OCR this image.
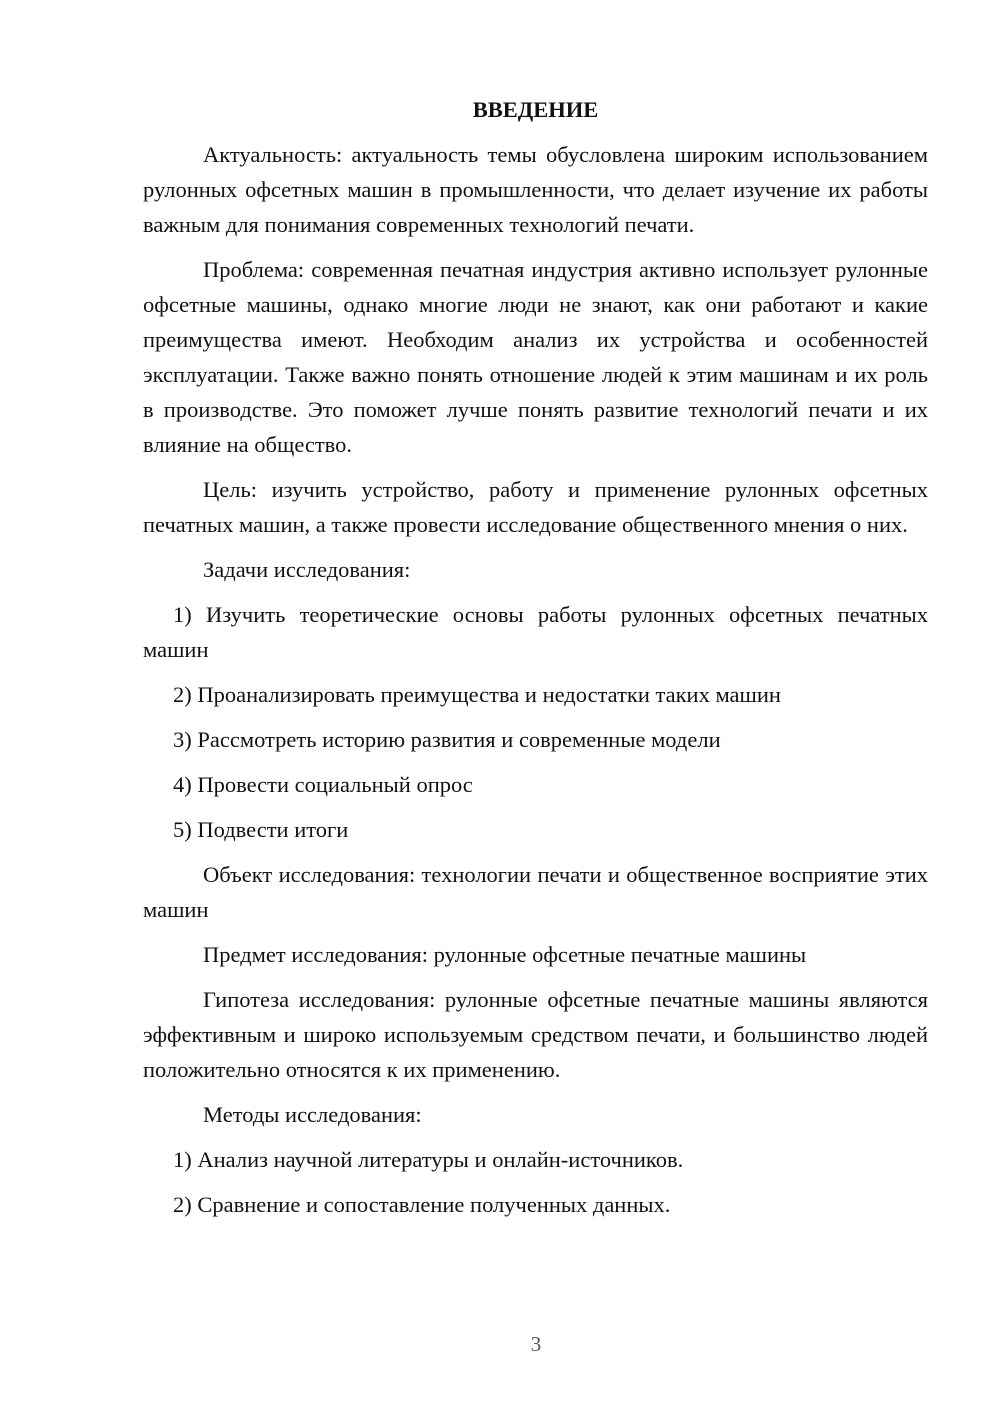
ВВЕДЕНИЕ

Актуальность: актуальность темы обусловлена широким использованием рулонных офсетных машин в промышленности, что делает изучение их работы важным для понимания современных технологий печати.

Проблема: современная печатная индустрия активно использует рулонные офсетные машины, однако многие люди не знают, как они работают и какие преимущества имеют. Необходим анализ их устройства и особенностей эксплуатации. Также важно понять отношение людей к этим машинам и их роль в производстве. Это поможет лучше понять развитие технологий печати и их влияние на общество.

Цель: изучить устройство, работу и применение рулонных офсетных печатных машин, а также провести исследование общественного мнения о них.

Задачи исследования:

1) Изучить теоретические основы работы рулонных офсетных печатных машин

2) Проанализировать преимущества и недостатки таких машин

3) Рассмотреть историю развития и современные модели

4) Провести социальный опрос

5) Подвести итоги

Объект исследования: технологии печати и общественное восприятие этих машин

Предмет исследования: рулонные офсетные печатные машины

Гипотеза исследования: рулонные офсетные печатные машины являются эффективным и широко используемым средством печати, и большинство людей положительно относятся к их применению.

Методы исследования:

1) Анализ научной литературы и онлайн-источников.

2) Сравнение и сопоставление полученных данных.

3
